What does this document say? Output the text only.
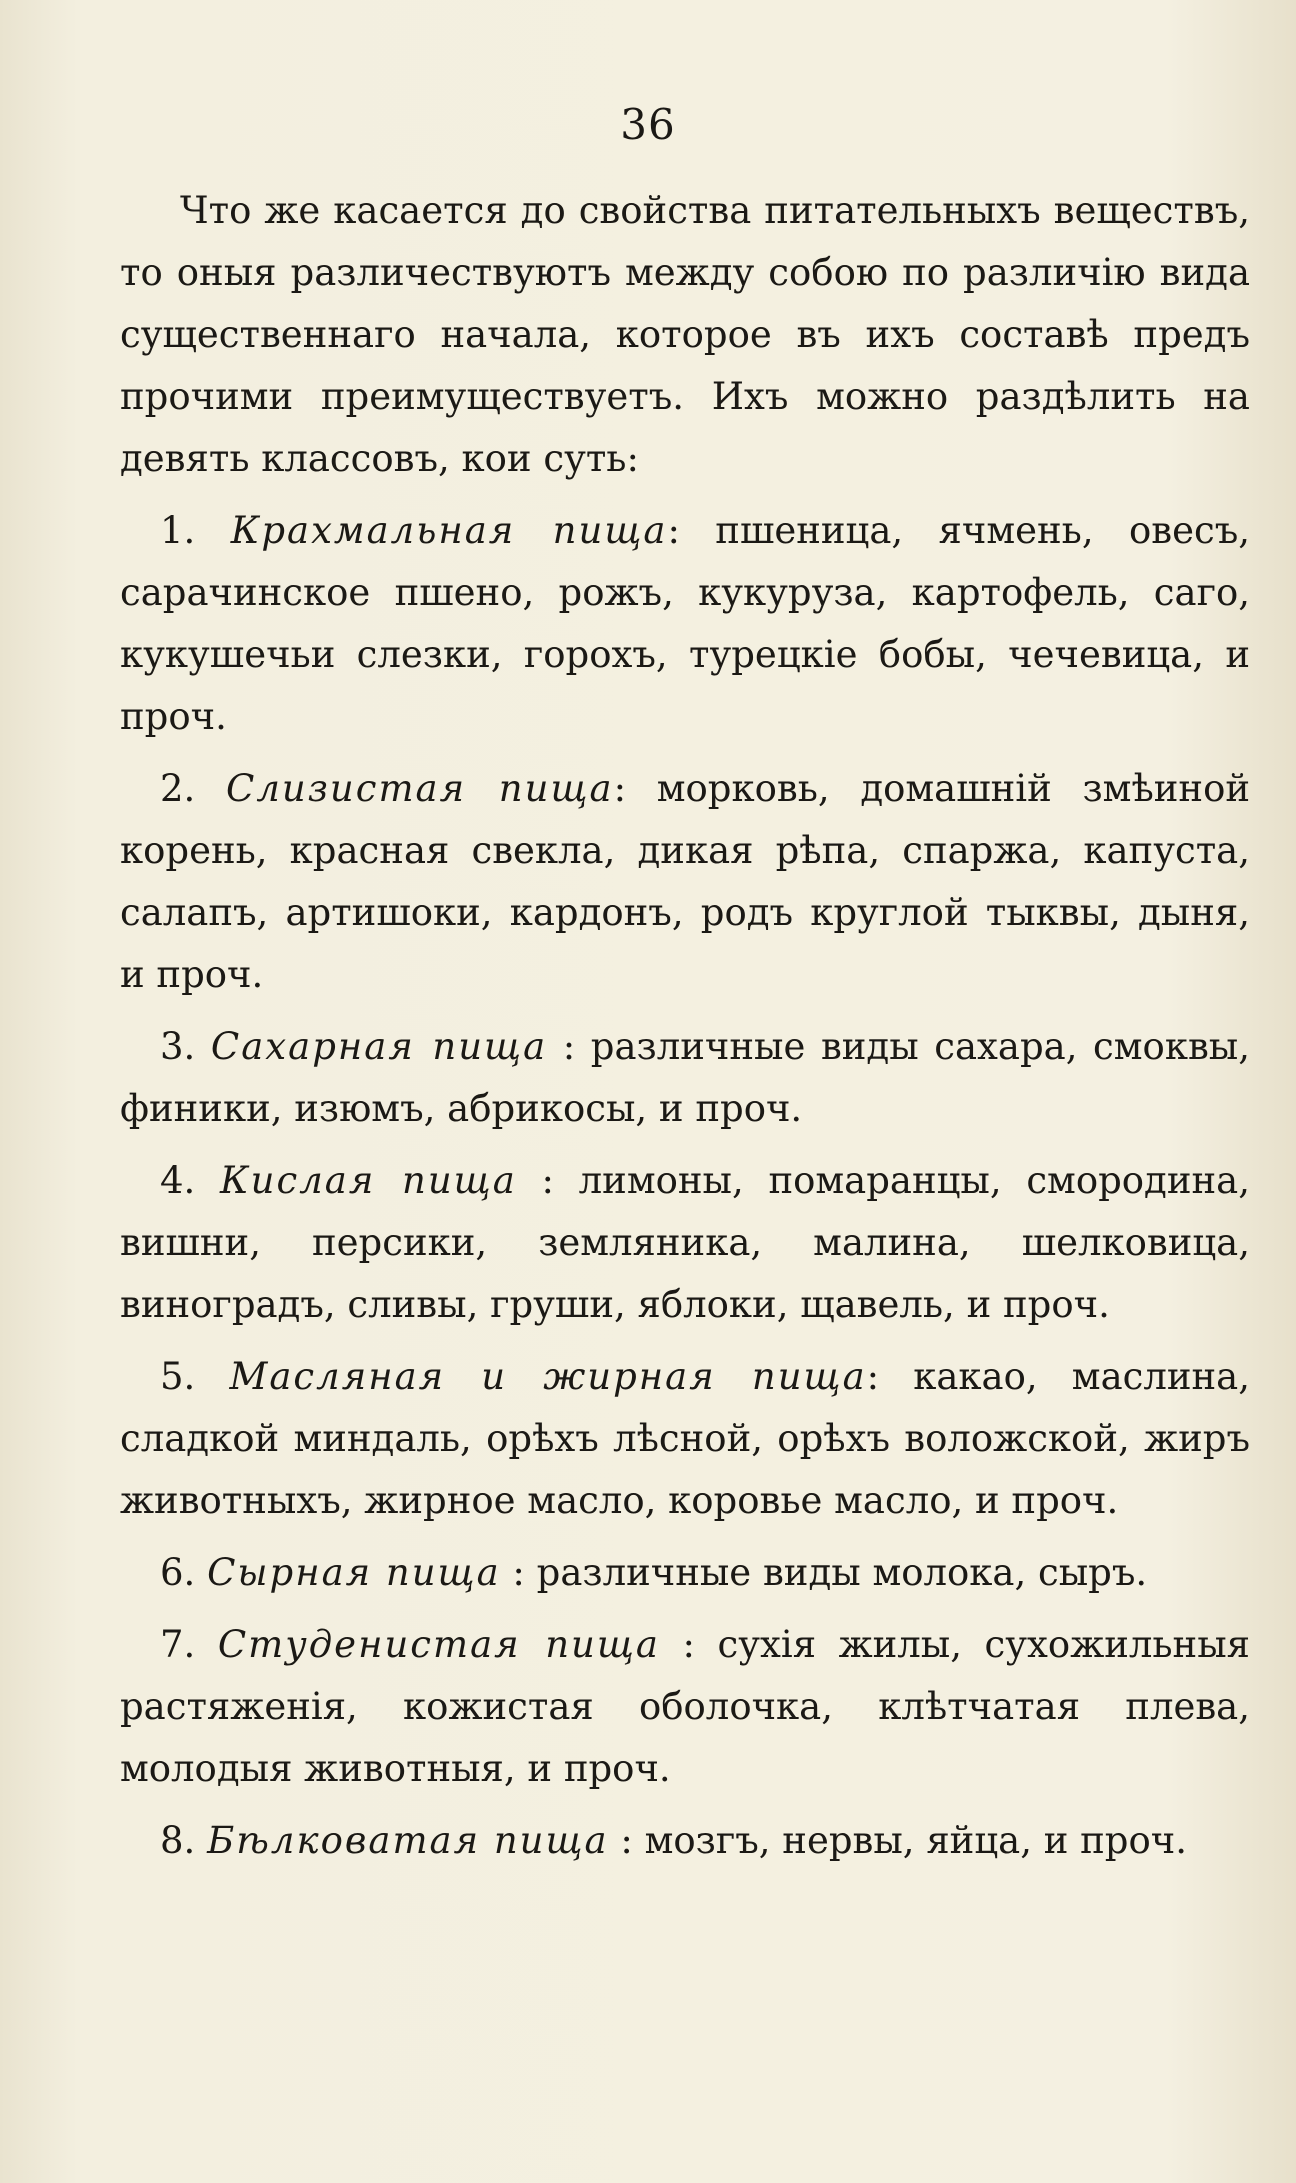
36

Что же касается до свойства питательныхъ веществъ, то оныя различествуютъ между собою по различію вида существеннаго начала, которое въ ихъ составѣ предъ прочими преимуществуетъ. Ихъ можно раздѣлить на девять классовъ, кои суть:

1. Крахмальная пища: пшеница, ячмень, овесъ, сарачинское пшено, рожъ, кукуруза, картофель, саго, кукушечьи слезки, горохъ, турецкіе бобы, чечевица, и проч.

2. Слизистая пища: морковь, домашній змѣиной корень, красная свекла, дикая рѣпа, спаржа, капуста, салапъ, артишоки, кардонъ, родъ круглой тыквы, дыня, и проч.

3. Сахарная пища : различные виды сахара, смоквы, финики, изюмъ, абрикосы, и проч.

4. Кислая пища : лимоны, помаранцы, смородина, вишни, персики, земляника, малина, шелковица, виноградъ, сливы, груши, яблоки, щавель, и проч.

5. Масляная и жирная пища: какао, маслина, сладкой миндаль, орѣхъ лѣсной, орѣхъ воложской, жиръ животныхъ, жирное масло, коровье масло, и проч.

6. Сырная пища : различные виды молока, сыръ.

7. Студенистая пища : сухія жилы, сухожильныя растяженія, кожистая оболочка, клѣтчатая плева, молодыя животныя, и проч.

8. Бѣлковатая пища : мозгъ, нервы, яйца, и проч.
